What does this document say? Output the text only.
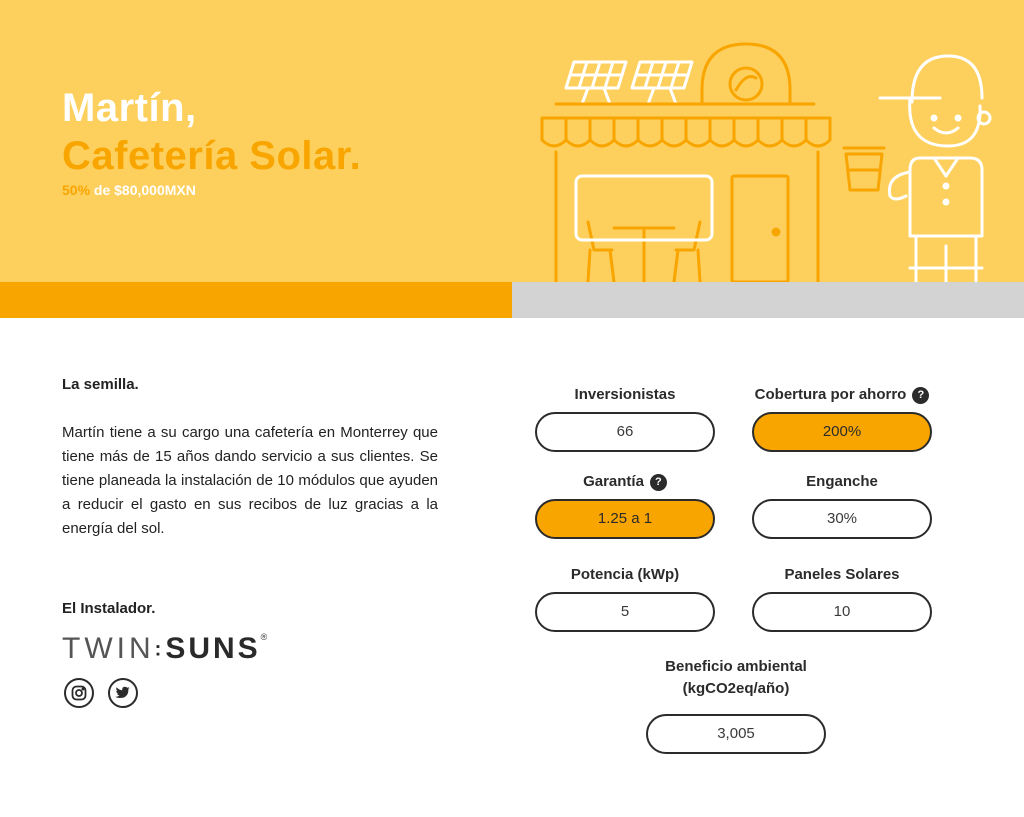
Martín,
Cafetería Solar.
50% de $80,000MXN
La semilla.

Martín tiene a su cargo una cafetería en Monterrey que tiene más de 15 años dando servicio a sus clientes. Se tiene planeada la instalación de 10 módulos que ayuden a reducir el gasto en sus recibos de luz gracias a la energía del sol.

El Instalador.
TWIN:SUNS®
Inversionistas
66
Cobertura por ahorro	?
200%
Garantía	?
1.25 a 1
Enganche
30%
Potencia (kWp)
5
Paneles Solares
10
Beneficio ambiental
(kgCO2eq/año)
3,005
